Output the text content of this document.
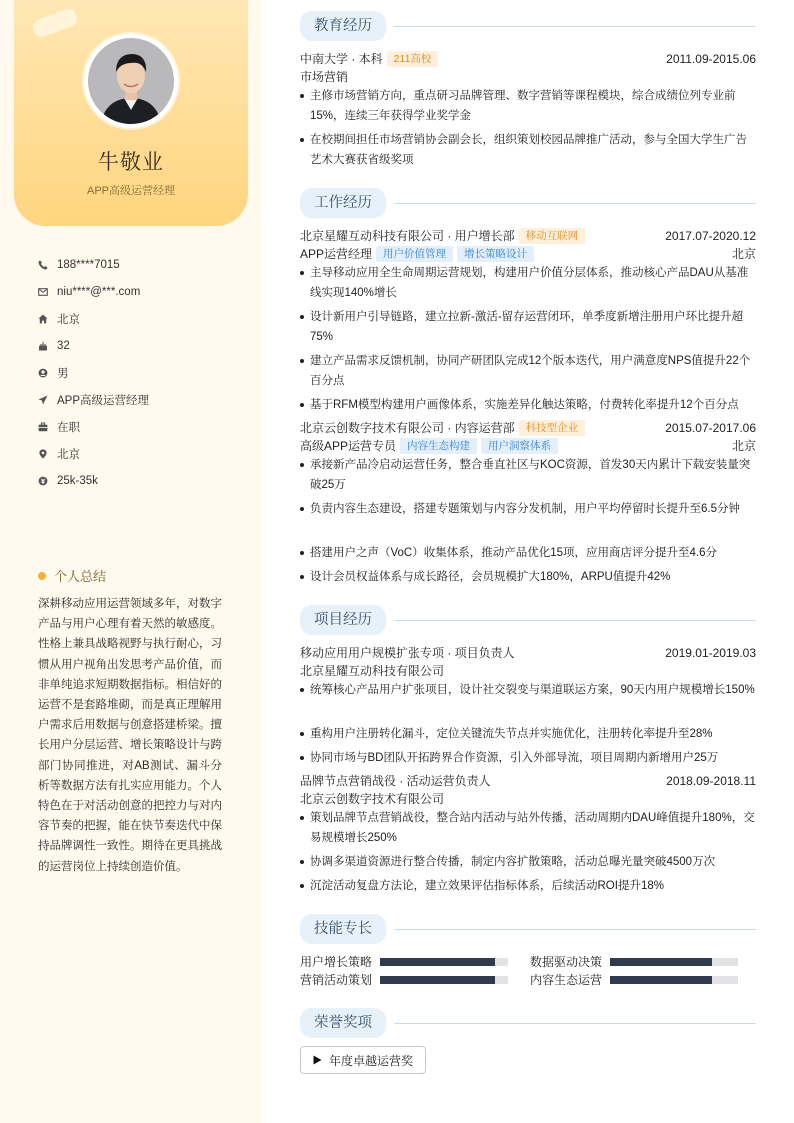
牛敬业
APP高级运营经理
188****7015
niu****@***.com
北京
32
男
APP高级运营经理
在职
北京
25k-35k
个人总结
深耕移动应用运营领域多年，对数字产品与用户心理有着天然的敏感度。性格上兼具战略视野与执行耐心，习惯从用户视角出发思考产品价值，而非单纯追求短期数据指标。相信好的运营不是套路堆砌，而是真正理解用户需求后用数据与创意搭建桥梁。擅长用户分层运营、增长策略设计与跨部门协同推进，对AB测试、漏斗分析等数据方法有扎实应用能力。个人特色在于对活动创意的把控力与对内容节奏的把握，能在快节奏迭代中保持品牌调性一致性。期待在更具挑战的运营岗位上持续创造价值。
教育经历
中南大学 · 本科 211高校	2011.09-2015.06
市场营销
主修市场营销方向，重点研习品牌管理、数字营销等课程模块，综合成绩位列专业前15%，连续三年获得学业奖学金
在校期间担任市场营销协会副会长，组织策划校园品牌推广活动，参与全国大学生广告艺术大赛获省级奖项
工作经历
北京星耀互动科技有限公司 · 用户增长部 移动互联网	2017.07-2020.12
APP运营经理 用户价值管理 增长策略设计	北京
主导移动应用全生命周期运营规划，构建用户价值分层体系，推动核心产品DAU从基准线实现140%增长
设计新用户引导链路，建立拉新-激活-留存运营闭环，单季度新增注册用户环比提升超75%
建立产品需求反馈机制，协同产研团队完成12个版本迭代，用户满意度NPS值提升22个百分点
基于RFM模型构建用户画像体系，实施差异化触达策略，付费转化率提升12个百分点
北京云创数字技术有限公司 · 内容运营部 科技型企业	2015.07-2017.06
高级APP运营专员 内容生态构建 用户洞察体系	北京
承接新产品冷启动运营任务，整合垂直社区与KOC资源，首发30天内累计下载安装量突破25万
负责内容生态建设，搭建专题策划与内容分发机制，用户平均停留时长提升至6.5分钟
搭建用户之声（VoC）收集体系，推动产品优化15项，应用商店评分提升至4.6分
设计会员权益体系与成长路径，会员规模扩大180%，ARPU值提升42%
项目经历
移动应用用户规模扩张专项 · 项目负责人	2019.01-2019.03
北京星耀互动科技有限公司
统筹核心产品用户扩张项目，设计社交裂变与渠道联运方案，90天内用户规模增长150%
重构用户注册转化漏斗，定位关键流失节点并实施优化，注册转化率提升至28%
协同市场与BD团队开拓跨界合作资源，引入外部导流，项目周期内新增用户25万
品牌节点营销战役 · 活动运营负责人	2018.09-2018.11
北京云创数字技术有限公司
策划品牌节点营销战役，整合站内活动与站外传播，活动周期内DAU峰值提升180%，交易规模增长250%
协调多渠道资源进行整合传播，制定内容扩散策略，活动总曝光量突破4500万次
沉淀活动复盘方法论，建立效果评估指标体系，后续活动ROI提升18%
技能专长
用户增长策略	数据驱动决策
营销活动策划	内容生态运营
荣誉奖项
年度卓越运营奖
